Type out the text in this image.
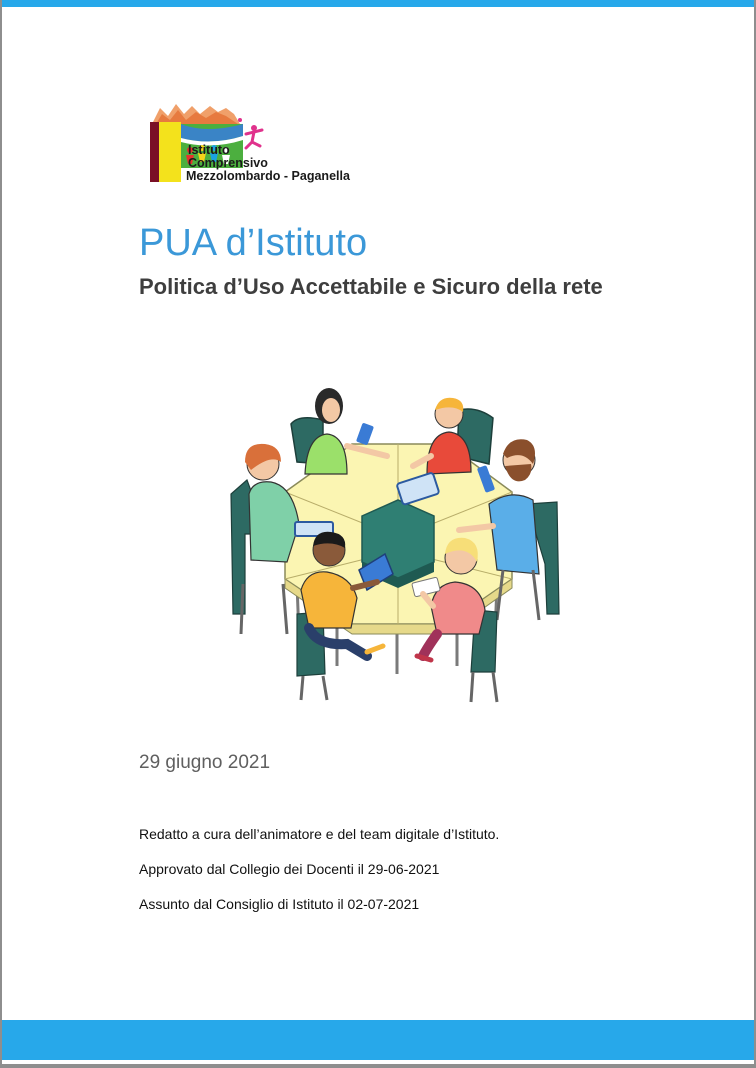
Istituto
Comprensivo
Mezzolombardo - Paganella
PUA d’Istituto
Politica d’Uso Accettabile e Sicuro della rete
29 giugno 2021
Redatto a cura dell’animatore e del team digitale d’Istituto.
Approvato dal Collegio dei Docenti il 29-06-2021
Assunto dal Consiglio di Istituto il 02-07-2021
